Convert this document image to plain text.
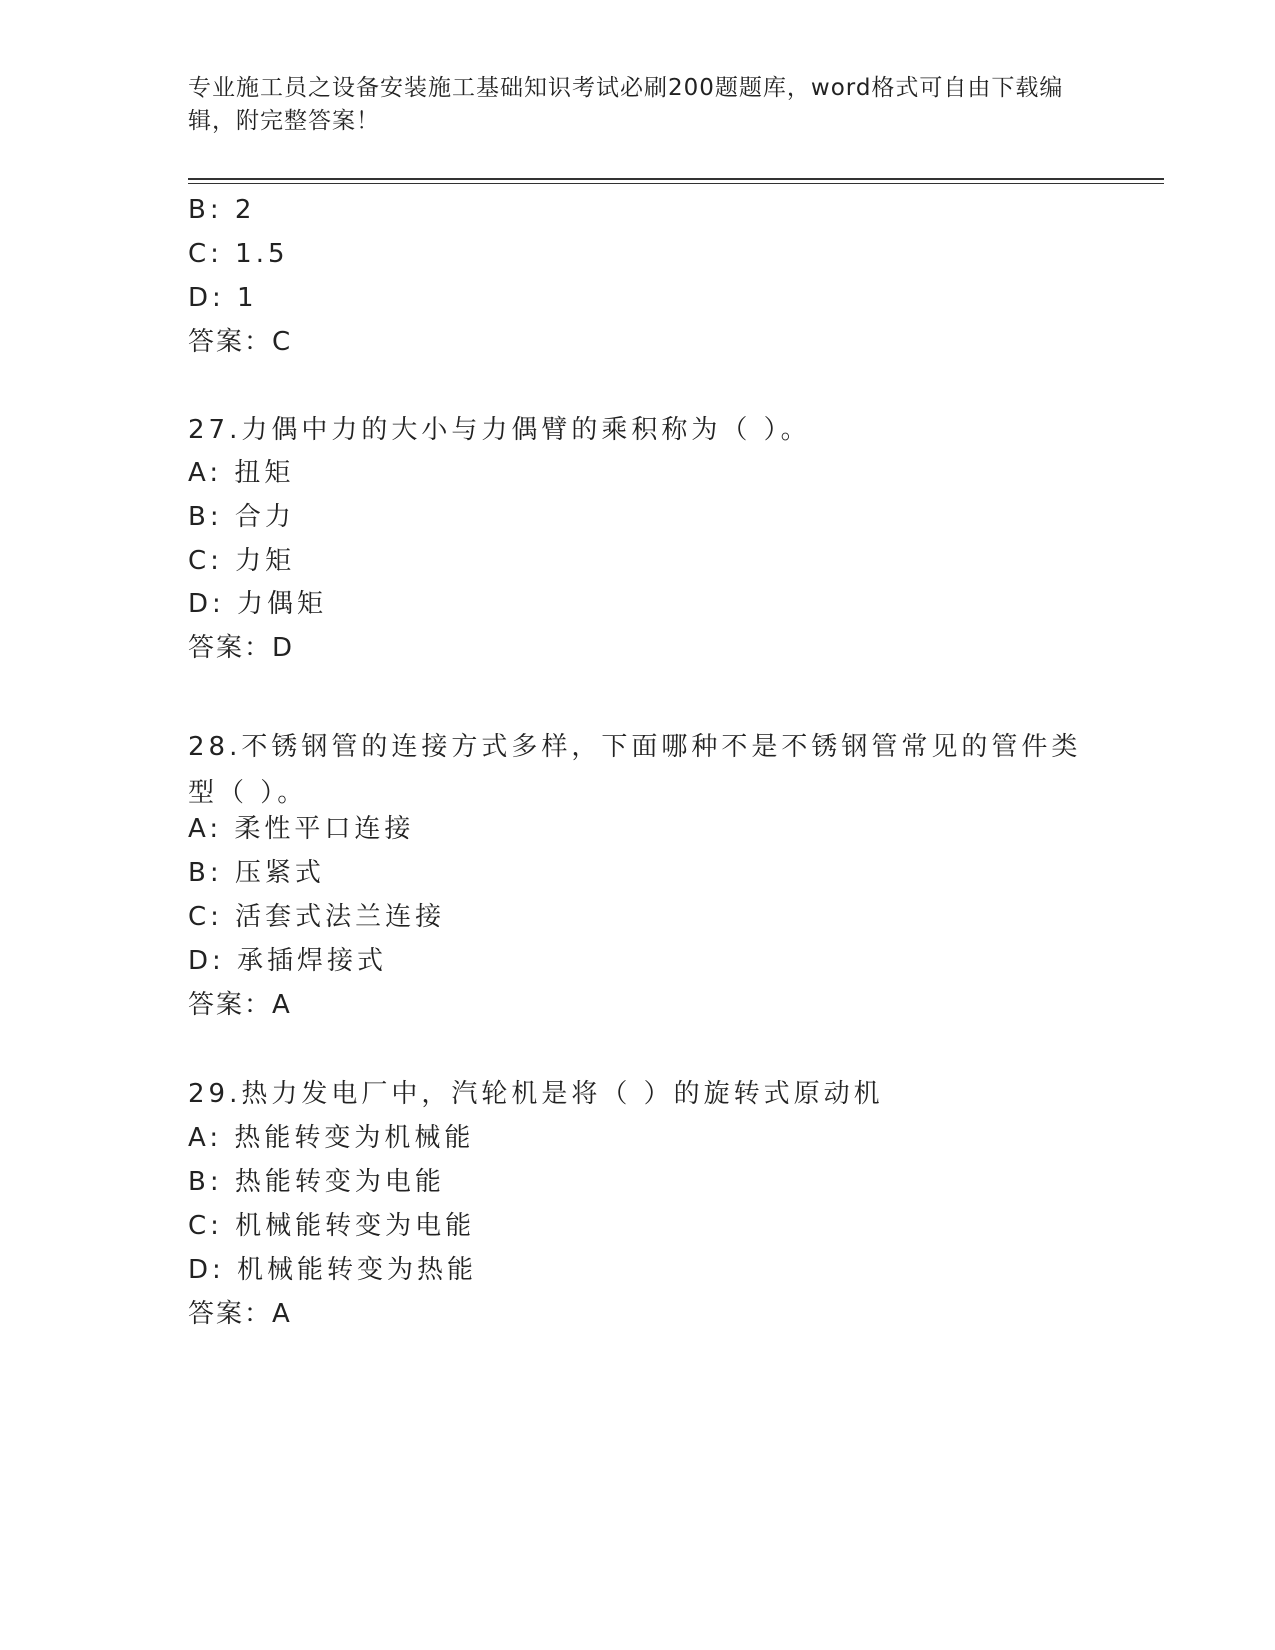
专业施工员之设备安装施工基础知识考试必刷200题题库，word格式可自由下载编辑，附完整答案！
B: 2
C: 1.5
D: 1
答案：C
27.力偶中力的大小与力偶臂的乘积称为（ ）。
A: 扭矩
B: 合力
C: 力矩
D: 力偶矩
答案：D
28.不锈钢管的连接方式多样，下面哪种不是不锈钢管常见的管件类型（ ）。
A: 柔性平口连接
B: 压紧式
C: 活套式法兰连接
D: 承插焊接式
答案：A
29.热力发电厂中，汽轮机是将（ ）的旋转式原动机
A: 热能转变为机械能
B: 热能转变为电能
C: 机械能转变为电能
D: 机械能转变为热能
答案：A
